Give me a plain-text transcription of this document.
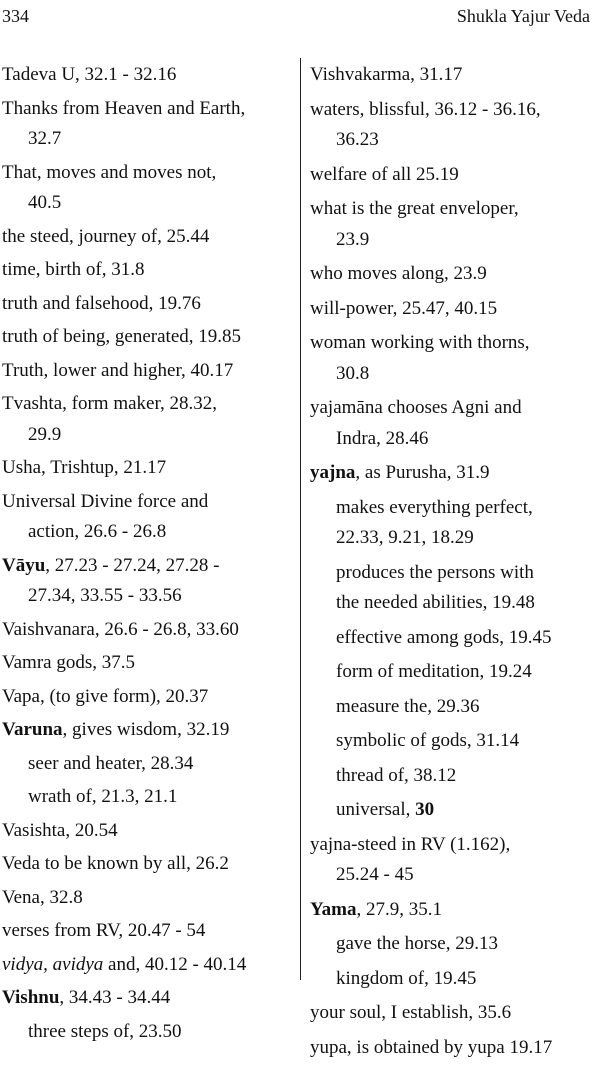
334	Shukla Yajur Veda
Tadeva U, 32.1 - 32.16
Thanks from Heaven and Earth,
32.7
That, moves and moves not,
40.5
the steed, journey of, 25.44
time, birth of, 31.8
truth and falsehood, 19.76
truth of being, generated, 19.85
Truth, lower and higher, 40.17
Tvashta, form maker, 28.32,
29.9
Usha, Trishtup, 21.17
Universal Divine force and
action, 26.6 - 26.8
Vāyu, 27.23 - 27.24, 27.28 -
27.34, 33.55 - 33.56
Vaishvanara, 26.6 - 26.8, 33.60
Vamra gods, 37.5
Vapa, (to give form), 20.37
Varuna, gives wisdom, 32.19
seer and heater, 28.34
wrath of, 21.3, 21.1
Vasishta, 20.54
Veda to be known by all, 26.2
Vena, 32.8
verses from RV, 20.47 - 54
vidya, avidya and, 40.12 - 40.14
Vishnu, 34.43 - 34.44
three steps of, 23.50
Vishvakarma, 31.17
waters, blissful, 36.12 - 36.16,
36.23
welfare of all 25.19
what is the great enveloper,
23.9
who moves along, 23.9
will-power, 25.47, 40.15
woman working with thorns,
30.8
yajamāna chooses Agni and
Indra, 28.46
yajna, as Purusha, 31.9
makes everything perfect,
22.33, 9.21, 18.29
produces the persons with
the needed abilities, 19.48
effective among gods, 19.45
form of meditation, 19.24
measure the, 29.36
symbolic of gods, 31.14
thread of, 38.12
universal, 30
yajna-steed in RV (1.162),
25.24 - 45
Yama, 27.9, 35.1
gave the horse, 29.13
kingdom of, 19.45
your soul, I establish, 35.6
yupa, is obtained by yupa 19.17
